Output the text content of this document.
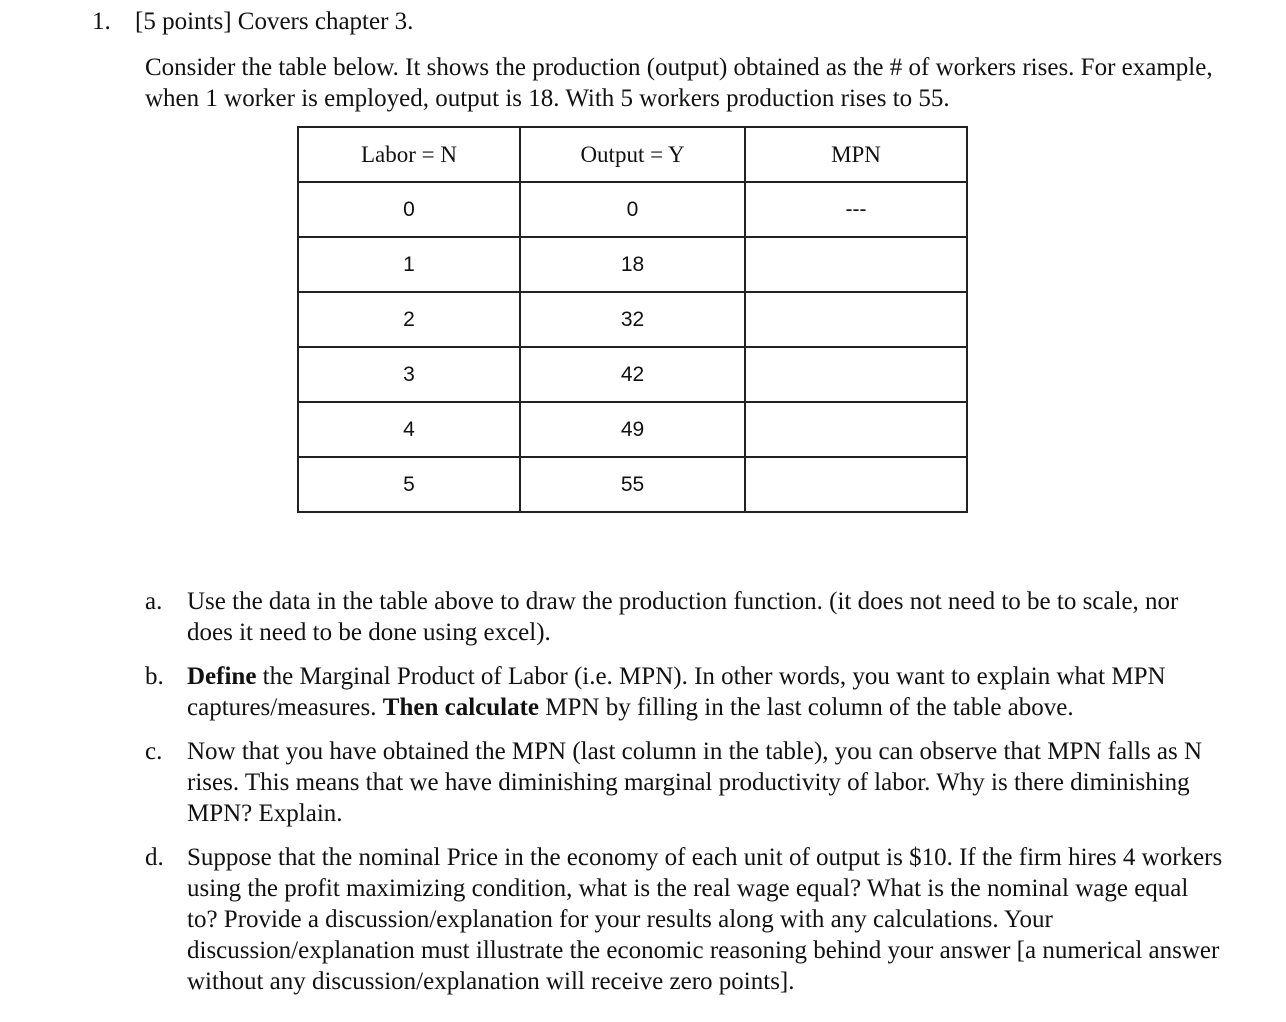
1. [5 points] Covers chapter 3.

Consider the table below. It shows the production (output) obtained as the # of workers rises. For example, when 1 worker is employed, output is 18. With 5 workers production rises to 55.

Labor = N	Output = Y	MPN
0	0	---
1	18	
2	32	
3	42	
4	49	
5	55	
a. Use the data in the table above to draw the production function. (it does not need to be to scale, nor does it need to be done using excel).
b. Define the Marginal Product of Labor (i.e. MPN). In other words, you want to explain what MPN captures/measures. Then calculate MPN by filling in the last column of the table above.
c. Now that you have obtained the MPN (last column in the table), you can observe that MPN falls as N rises. This means that we have diminishing marginal productivity of labor. Why is there diminishing MPN? Explain.
d. Suppose that the nominal Price in the economy of each unit of output is $10. If the firm hires 4 workers using the profit maximizing condition, what is the real wage equal? What is the nominal wage equal to? Provide a discussion/explanation for your results along with any calculations. Your discussion/explanation must illustrate the economic reasoning behind your answer [a numerical answer without any discussion/explanation will receive zero points].
